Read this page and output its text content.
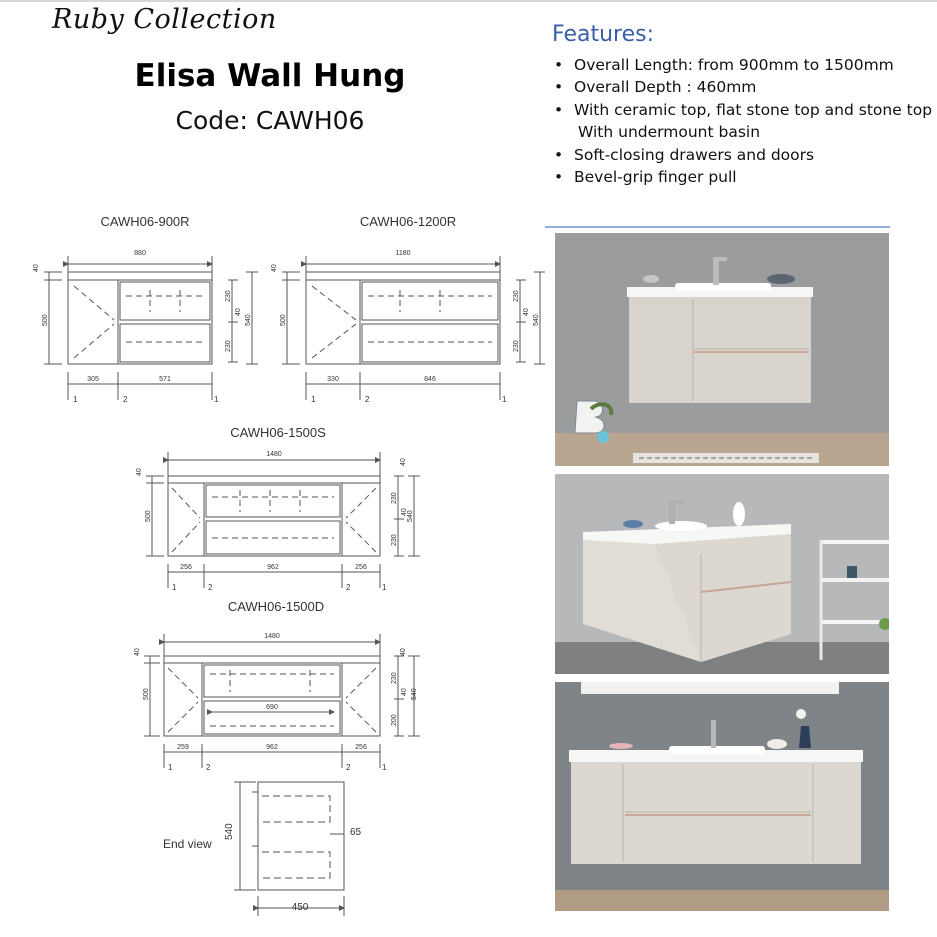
Ruby Collection
Elisa Wall Hung
Code: CAWH06
Features:
• Overall Length: from 900mm to 1500mm
• Overall Depth : 460mm
• With ceramic top, flat stone top and stone top
With undermount basin
• Soft-closing drawers and doors
• Bevel-grip finger pull
CAWH06-900R
880
40
500
230
40
230
540
305	571
1	2	1
CAWH06-1200R
1180
40
500
230
40
230
540
330	846
1	2	1
CAWH06-1500S
1480
40
40
500
230
40
230
540
256	962	256
1	2	2	1
CAWH06-1500D
1480
40
500
40
230
40
200
540
690
259	962	256
1	2	2	1
End view
540	65
450
